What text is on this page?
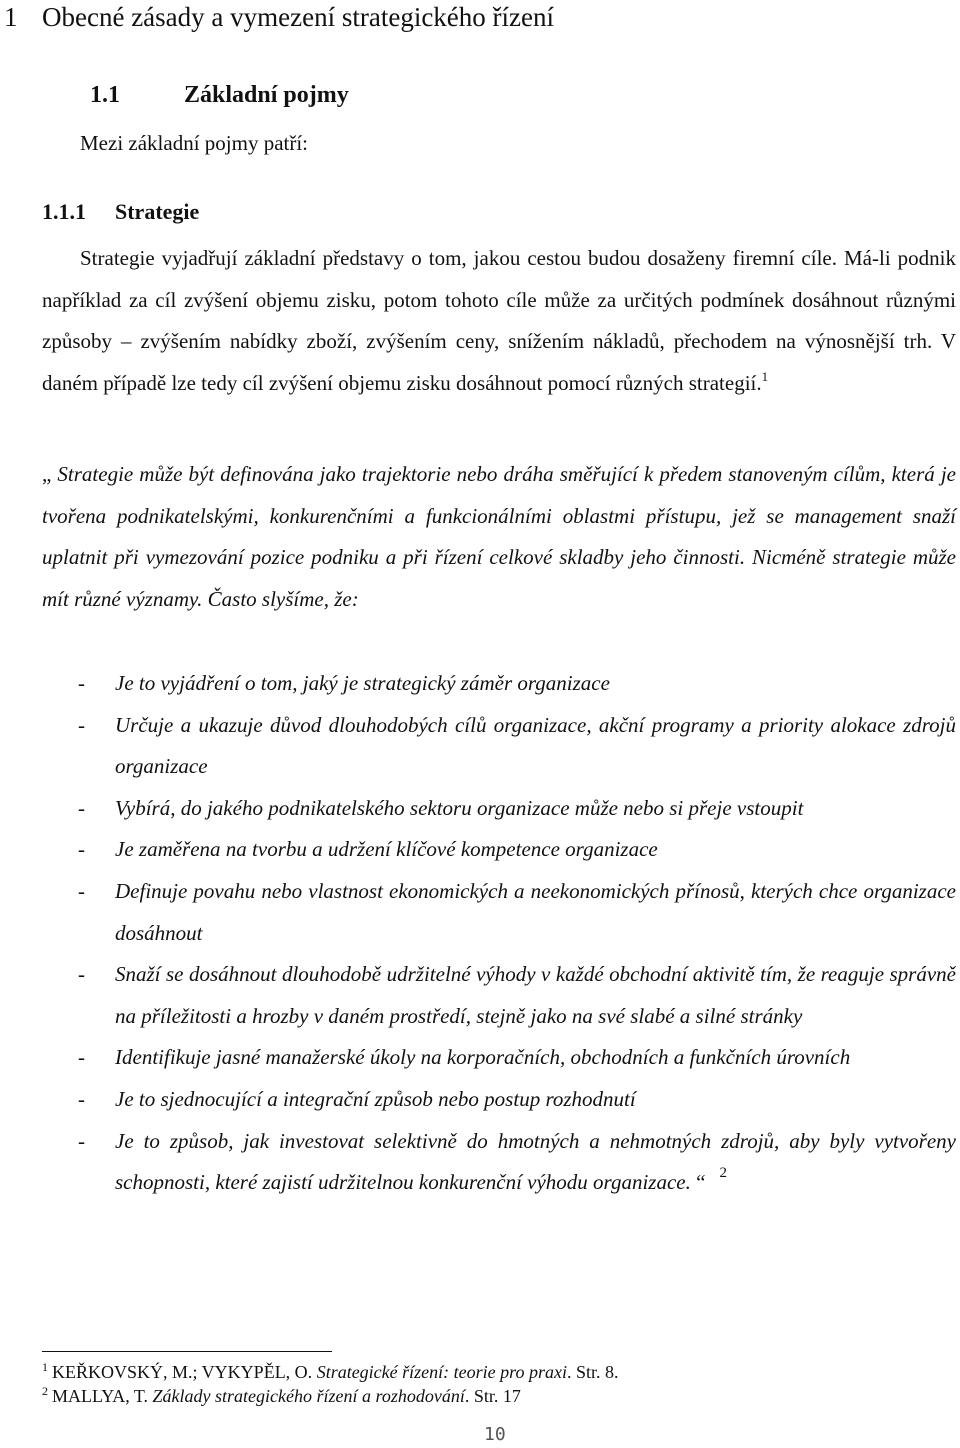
1 Obecné zásady a vymezení strategického řízení
1.1	Základní pojmy
Mezi základní pojmy patří:
1.1.1 Strategie
Strategie vyjadřují základní představy o tom, jakou cestou budou dosaženy firemní cíle. Má-li podnik například za cíl zvýšení objemu zisku, potom tohoto cíle může za určitých podmínek dosáhnout různými způsoby – zvýšením nabídky zboží, zvýšením ceny, snížením nákladů, přechodem na výnosnější trh. V daném případě lze tedy cíl zvýšení objemu zisku dosáhnout pomocí různých strategií.$^1$
„ Strategie může být definována jako trajektorie nebo dráha směřující k předem stanoveným cílům, která je tvořena podnikatelskými, konkurenčními a funkcionálními oblastmi přístupu, jež se management snaží uplatnit při vymezování pozice podniku a při řízení celkové skladby jeho činnosti. Nicméně strategie může mít různé významy. Často slyšíme, že:
- Je to vyjádření o tom, jaký je strategický záměr organizace
- Určuje a ukazuje důvod dlouhodobých cílů organizace, akční programy a priority alokace zdrojů organizace
- Vybírá, do jakého podnikatelského sektoru organizace může nebo si přeje vstoupit
- Je zaměřena na tvorbu a udržení klíčové kompetence organizace
- Definuje povahu nebo vlastnost ekonomických a neekonomických přínosů, kterých chce organizace dosáhnout
- Snaží se dosáhnout dlouhodobě udržitelné výhody v každé obchodní aktivitě tím, že reaguje správně na příležitosti a hrozby v daném prostředí, stejně jako na své slabé a silné stránky
- Identifikuje jasné manažerské úkoly na korporačních, obchodních a funkčních úrovních
- Je to sjednocující a integrační způsob nebo postup rozhodnutí
- Je to způsob, jak investovat selektivně do hmotných a nehmotných zdrojů, aby byly vytvořeny schopnosti, které zajistí udržitelnou konkurenční výhodu organizace. “ $^2$
$^1$ KEŘKOVSKÝ, M.; VYKYPĚL, O. Strategické řízení: teorie pro praxi. Str. 8.
$^2$ MALLYA, T. Základy strategického řízení a rozhodování. Str. 17
10
